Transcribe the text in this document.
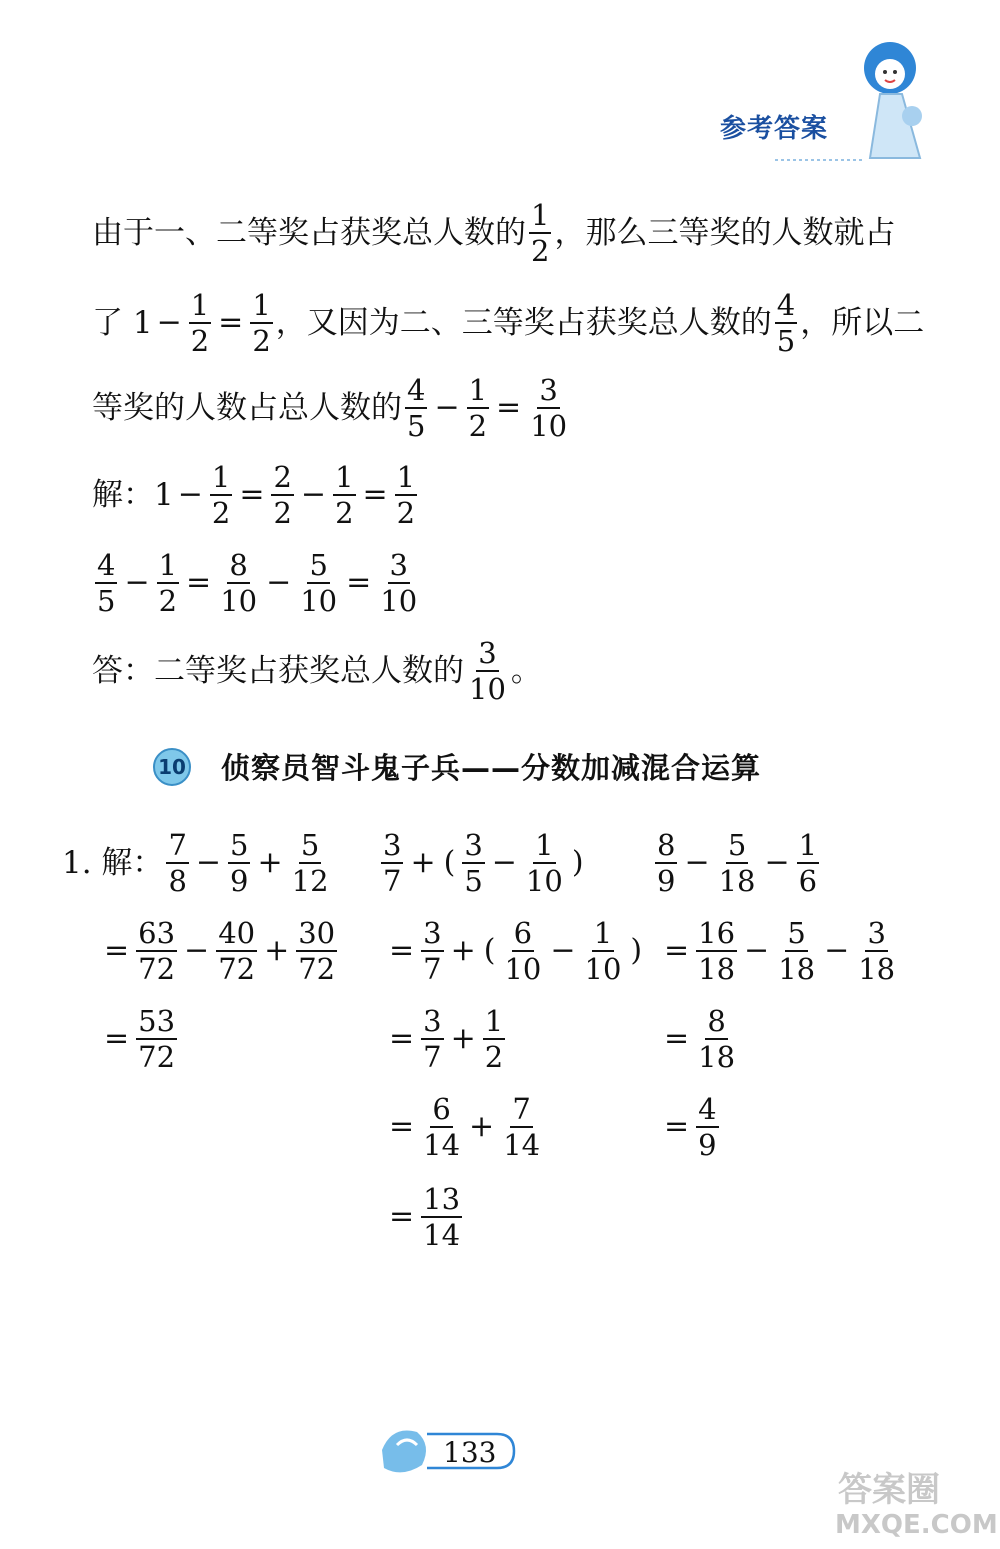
参考答案
由于一、二等奖占获奖总人数的 $\frac{1}{2}$ ，那么三等奖的人数就占
了 $1 - \frac{1}{2} = \frac{1}{2}$ ，又因为二、三等奖占获奖总人数的 $\frac{4}{5}$ ，所以二
等奖的人数占总人数的 $\frac{4}{5} - \frac{1}{2} = \frac{3}{10}$
解：$1 - \frac{1}{2} = \frac{2}{2} - \frac{1}{2} = \frac{1}{2}$
$\frac{4}{5} - \frac{1}{2} = \frac{8}{10} - \frac{5}{10} = \frac{3}{10}$
答：二等奖占获奖总人数的 $\frac{3}{10}$ 。
10 侦察员智斗鬼子兵——分数加减混合运算
1. 解： $\frac{7}{8} - \frac{5}{9} + \frac{5}{12}$
= $\frac{63}{72} - \frac{40}{72} + \frac{30}{72}$
= $\frac{53}{72}$
$\frac{3}{7}$ + ( $\frac{3}{5} - \frac{1}{10}$ )
= $\frac{3}{7}$ + ( $\frac{6}{10} - \frac{1}{10}$ )
= $\frac{3}{7} + \frac{1}{2}$
= $\frac{6}{14} + \frac{7}{14}$
= $\frac{13}{14}$
$\frac{8}{9} - \frac{5}{18} - \frac{1}{6}$
= $\frac{16}{18} - \frac{5}{18} - \frac{3}{18}$
= $\frac{8}{18}$
= $\frac{4}{9}$
133
答案圈
MXQE.COM
